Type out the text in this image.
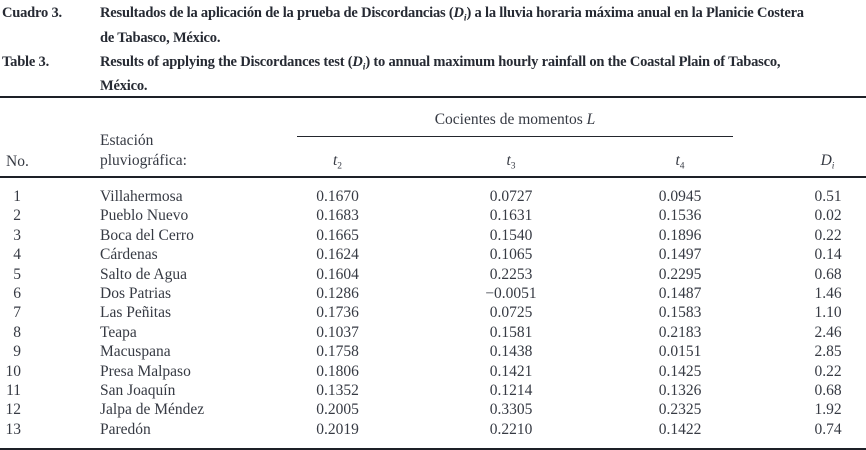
Cuadro 3.	Resultados de la aplicación de la prueba de Discordancias $(D_i)$ a la lluvia horaria máxima anual en la Planicie Costera
de Tabasco, México.
Table 3.	Results of applying the Discordances test $(D_i)$ to annual maximum hourly rainfall on the Coastal Plain of Tabasco,
México.
No.	Estación
pluviográfica:	Cocientes de momentos L			$D_i$
		$t_2$	$t_3$	$t_4$
1	Villahermosa	0.1670	0.0727	0.0945	0.51
2	Pueblo Nuevo	0.1683	0.1631	0.1536	0.02
3	Boca del Cerro	0.1665	0.1540	0.1896	0.22
4	Cárdenas	0.1624	0.1065	0.1497	0.14
5	Salto de Agua	0.1604	0.2253	0.2295	0.68
6	Dos Patrias	0.1286	−0.0051	0.1487	1.46
7	Las Peñitas	0.1736	0.0725	0.1583	1.10
8	Teapa	0.1037	0.1581	0.2183	2.46
9	Macuspana	0.1758	0.1438	0.0151	2.85
10	Presa Malpaso	0.1806	0.1421	0.1425	0.22
11	San Joaquín	0.1352	0.1214	0.1326	0.68
12	Jalpa de Méndez	0.2005	0.3305	0.2325	1.92
13	Paredón	0.2019	0.2210	0.1422	0.74
